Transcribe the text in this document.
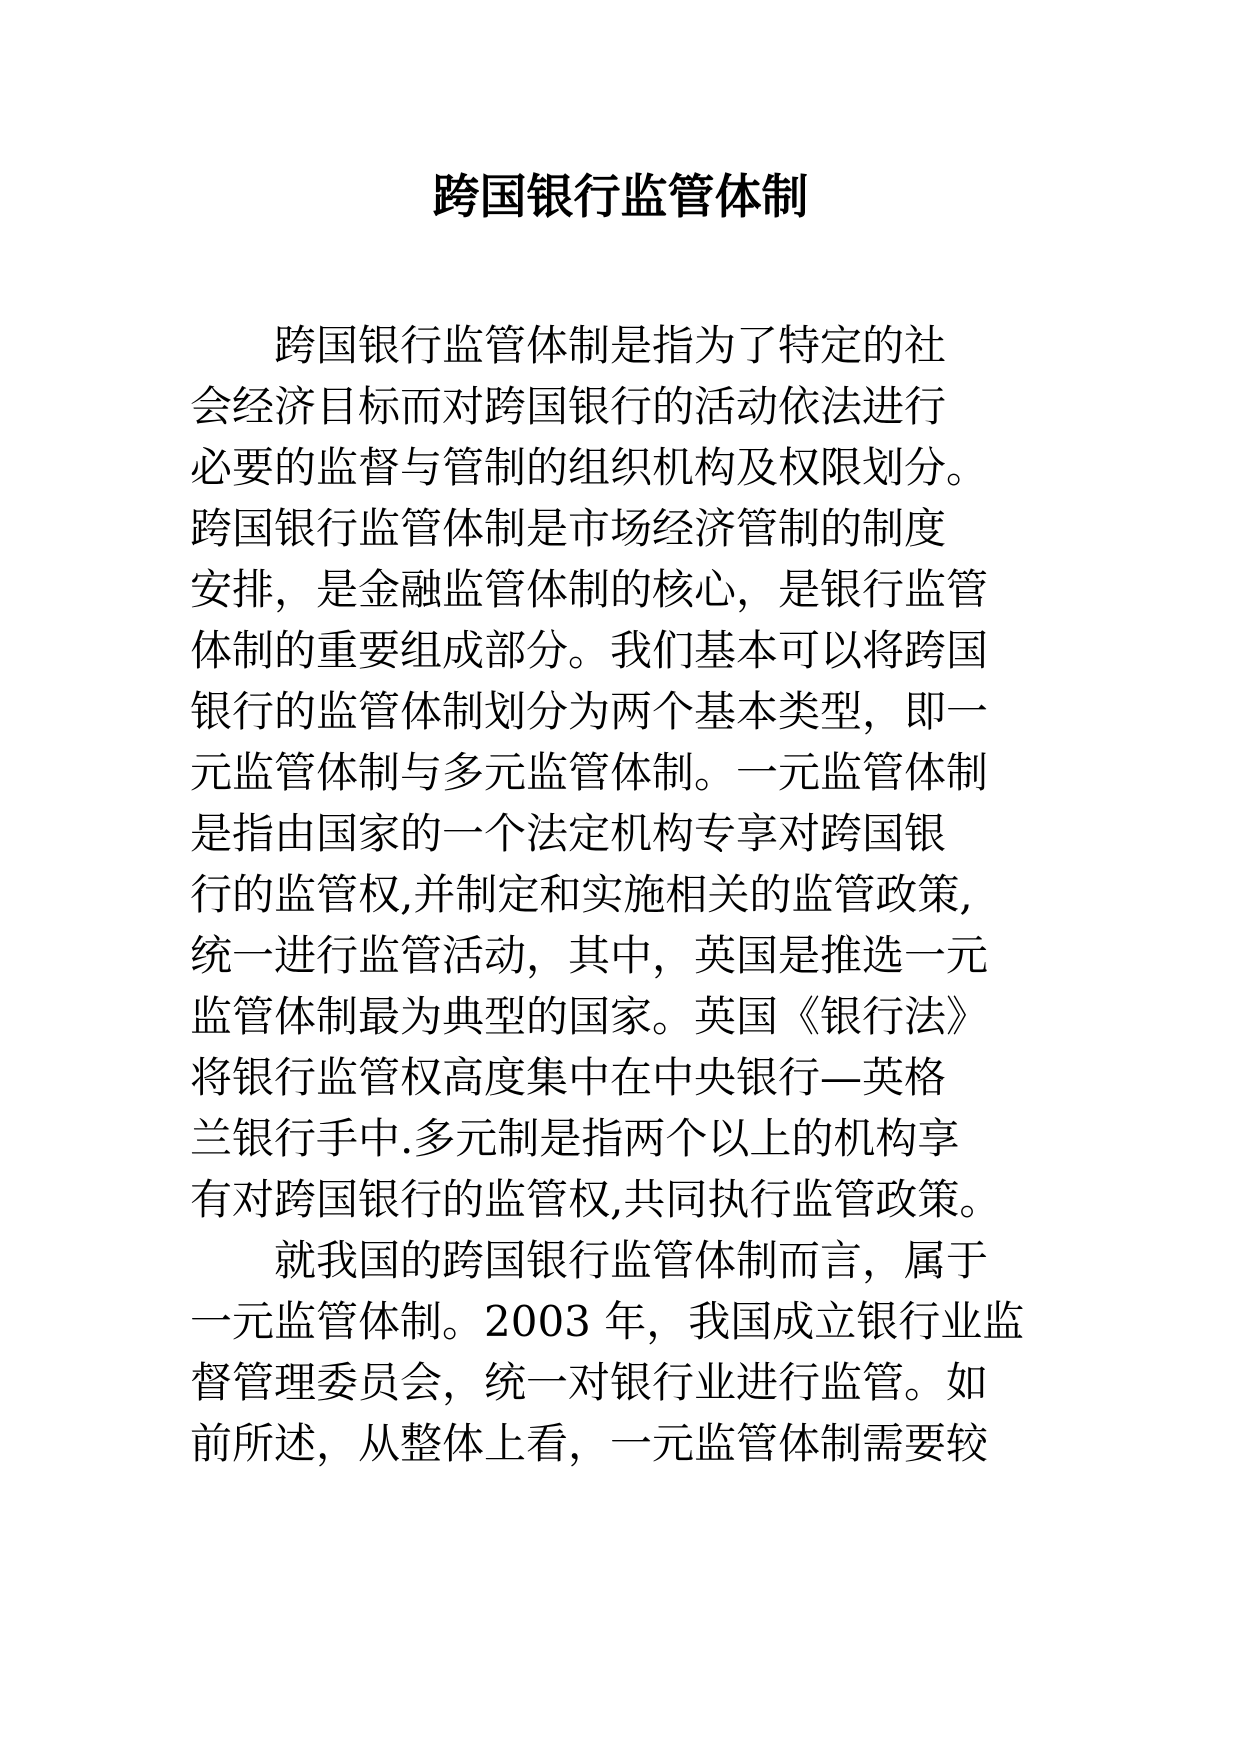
跨国银行监管体制
　　跨国银行监管体制是指为了特定的社
会经济目标而对跨国银行的活动依法进行
必要的监督与管制的组织机构及权限划分。
跨国银行监管体制是市场经济管制的制度
安排，是金融监管体制的核心，是银行监管
体制的重要组成部分。我们基本可以将跨国
银行的监管体制划分为两个基本类型，即一
元监管体制与多元监管体制。一元监管体制
是指由国家的一个法定机构专享对跨国银
行的监管权,并制定和实施相关的监管政策,
统一进行监管活动，其中，英国是推选一元
监管体制最为典型的国家。英国《银行法》
将银行监管权高度集中在中央银行—英格
兰银行手中.多元制是指两个以上的机构享
有对跨国银行的监管权,共同执行监管政策。
　　就我国的跨国银行监管体制而言，属于
一元监管体制。2003 年，我国成立银行业监
督管理委员会，统一对银行业进行监管。如
前所述，从整体上看，一元监管体制需要较
